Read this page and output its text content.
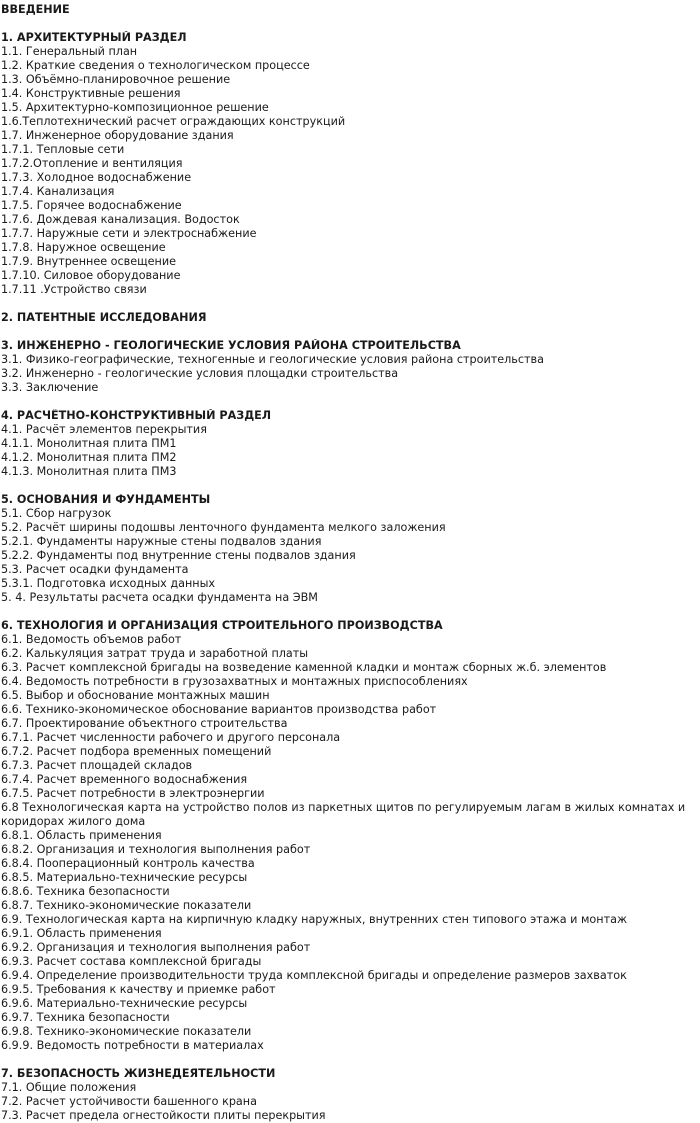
ВВЕДЕНИЕ
1. АРХИТЕКТУРНЫЙ РАЗДЕЛ
1.1. Генеральный план
1.2. Краткие сведения о технологическом процессе
1.3. Объёмно-планировочное решение
1.4. Конструктивные решения
1.5. Архитектурно-композиционное решение
1.6.Теплотехнический расчет ограждающих конструкций
1.7. Инженерное оборудование здания
1.7.1. Тепловые сети
1.7.2.Отопление и вентиляция
1.7.3. Холодное водоснабжение
1.7.4. Канализация
1.7.5. Горячее водоснабжение
1.7.6. Дождевая канализация. Водосток
1.7.7. Наружные сети и электроснабжение
1.7.8. Наружное освещение
1.7.9. Внутреннее освещение
1.7.10. Силовое оборудование
1.7.11 .Устройство связи
2. ПАТЕНТНЫЕ ИССЛЕДОВАНИЯ
3. ИНЖЕНЕРНО - ГЕОЛОГИЧЕСКИЕ УСЛОВИЯ РАЙОНА СТРОИТЕЛЬСТВА
3.1. Физико-географические, техногенные и геологические условия района строительства
3.2. Инженерно - геологические условия площадки строительства
3.3. Заключение
4. РАСЧЁТНО-КОНСТРУКТИВНЫЙ РАЗДЕЛ
4.1. Расчёт элементов перекрытия
4.1.1. Монолитная плита ПМ1
4.1.2. Монолитная плита ПМ2
4.1.3. Монолитная плита ПМ3
5. ОСНОВАНИЯ И ФУНДАМЕНТЫ
5.1. Сбор нагрузок
5.2. Расчёт ширины подошвы ленточного фундамента мелкого заложения
5.2.1. Фундаменты наружные стены подвалов здания
5.2.2. Фундаменты под внутренние стены подвалов здания
5.3. Расчет осадки фундамента
5.3.1. Подготовка исходных данных
5. 4. Результаты расчета осадки фундамента на ЭВМ
6. ТЕХНОЛОГИЯ И ОРГАНИЗАЦИЯ СТРОИТЕЛЬНОГО ПРОИЗВОДСТВА
6.1. Ведомость объемов работ
6.2. Калькуляция затрат труда и заработной платы
6.3. Расчет комплексной бригады на возведение каменной кладки и монтаж сборных ж.б. элементов
6.4. Ведомость потребности в грузозахватных и монтажных приспособлениях
6.5. Выбор и обоснование монтажных машин
6.6. Технико-экономическое обоснование вариантов производства работ
6.7. Проектирование объектного строительства
6.7.1. Расчет численности рабочего и другого персонала
6.7.2. Расчет подбора временных помещений
6.7.3. Расчет площадей складов
6.7.4. Расчет временного водоснабжения
6.7.5. Расчет потребности в электроэнергии
6.8 Технологическая карта на устройство полов из паркетных щитов по регулируемым лагам в жилых комнатах и коридорах жилого дома
6.8.1. Область применения
6.8.2. Организация и технология выполнения работ
6.8.4. Пооперационный контроль качества
6.8.5. Материально-технические ресурсы
6.8.6. Техника безопасности
6.8.7. Технико-экономические показатели
6.9. Технологическая карта на кирпичную кладку наружных, внутренних стен типового этажа и монтаж
6.9.1. Область применения
6.9.2. Организация и технология выполнения работ
6.9.3. Расчет состава комплексной бригады
6.9.4. Определение производительности труда комплексной бригады и определение размеров захваток
6.9.5. Требования к качеству и приемке работ
6.9.6. Материально-технические ресурсы
6.9.7. Техника безопасности
6.9.8. Технико-экономические показатели
6.9.9. Ведомость потребности в материалах
7. БЕЗОПАСНОСТЬ ЖИЗНЕДЕЯТЕЛЬНОСТИ
7.1. Общие положения
7.2. Расчет устойчивости башенного крана
7.3. Расчет предела огнестойкости плиты перекрытия
